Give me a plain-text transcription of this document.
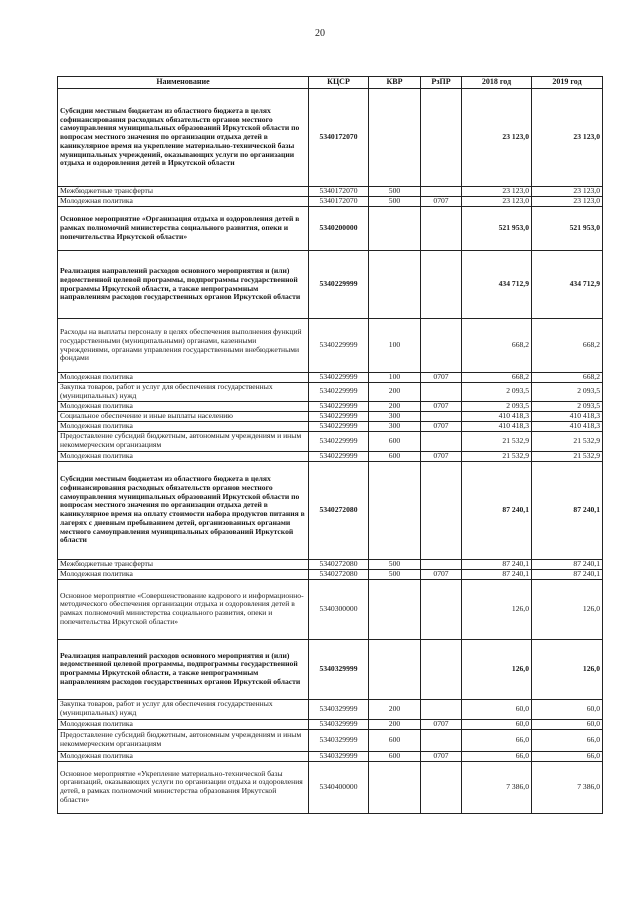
20
Наименование	КЦСР	КВР	РзПР	2018 год	2019 год
Субсидии местным бюджетам из областного бюджета в целях софинансирования расходных обязательств органов местного самоуправления муниципальных образований Иркутской области по вопросам местного значения по организации отдыха детей в каникулярное время на укрепление материально-технической базы муниципальных учреждений, оказывающих услуги по организации отдыха и оздоровления детей в Иркутской области	5340172070			23 123,0	23 123,0
Межбюджетные трансферты	5340172070	500		23 123,0	23 123,0
Молодежная политика	5340172070	500	0707	23 123,0	23 123,0
Основное мероприятие «Организация отдыха и оздоровления детей в рамках полномочий министерства социального развития, опеки и попечительства Иркутской области»	5340200000			521 953,0	521 953,0
Реализация направлений расходов основного мероприятия и (или) ведомственной целевой программы, подпрограммы государственной программы Иркутской области, а также непрограммным направлениям расходов государственных органов Иркутской области	5340229999			434 712,9	434 712,9
Расходы на выплаты персоналу в целях обеспечения выполнения функций государственными (муниципальными) органами, казенными учреждениями, органами управления государственными внебюджетными фондами	5340229999	100		668,2	668,2
Молодежная политика	5340229999	100	0707	668,2	668,2
Закупка товаров, работ и услуг для обеспечения государственных (муниципальных) нужд	5340229999	200		2 093,5	2 093,5
Молодежная политика	5340229999	200	0707	2 093,5	2 093,5
Социальное обеспечение и иные выплаты населению	5340229999	300		410 418,3	410 418,3
Молодежная политика	5340229999	300	0707	410 418,3	410 418,3
Предоставление субсидий бюджетным, автономным учреждениям и иным некоммерческим организациям	5340229999	600		21 532,9	21 532,9
Молодежная политика	5340229999	600	0707	21 532,9	21 532,9
Субсидии местным бюджетам из областного бюджета в целях софинансирования расходных обязательств органов местного самоуправления муниципальных образований Иркутской области по вопросам местного значения по организации отдыха детей в каникулярное время на оплату стоимости набора продуктов питания в лагерях с дневным пребыванием детей, организованных органами местного самоуправления муниципальных образований Иркутской области	5340272080			87 240,1	87 240,1
Межбюджетные трансферты	5340272080	500		87 240,1	87 240,1
Молодежная политика	5340272080	500	0707	87 240,1	87 240,1
Основное мероприятие «Совершенствование кадрового и информационно-методического обеспечения организации отдыха и оздоровления детей в рамках полномочий министерства социального развития, опеки и попечительства Иркутской области»	5340300000			126,0	126,0
Реализация направлений расходов основного мероприятия и (или) ведомственной целевой программы, подпрограммы государственной программы Иркутской области, а также непрограммным направлениям расходов государственных органов Иркутской области	5340329999			126,0	126,0
Закупка товаров, работ и услуг для обеспечения государственных (муниципальных) нужд	5340329999	200		60,0	60,0
Молодежная политика	5340329999	200	0707	60,0	60,0
Предоставление субсидий бюджетным, автономным учреждениям и иным некоммерческим организациям	5340329999	600		66,0	66,0
Молодежная политика	5340329999	600	0707	66,0	66,0
Основное мероприятие «Укрепление материально-технической базы организаций, оказывающих услуги по организации отдыха и оздоровления детей, в рамках полномочий министерства образования Иркутской области»	5340400000			7 386,0	7 386,0
